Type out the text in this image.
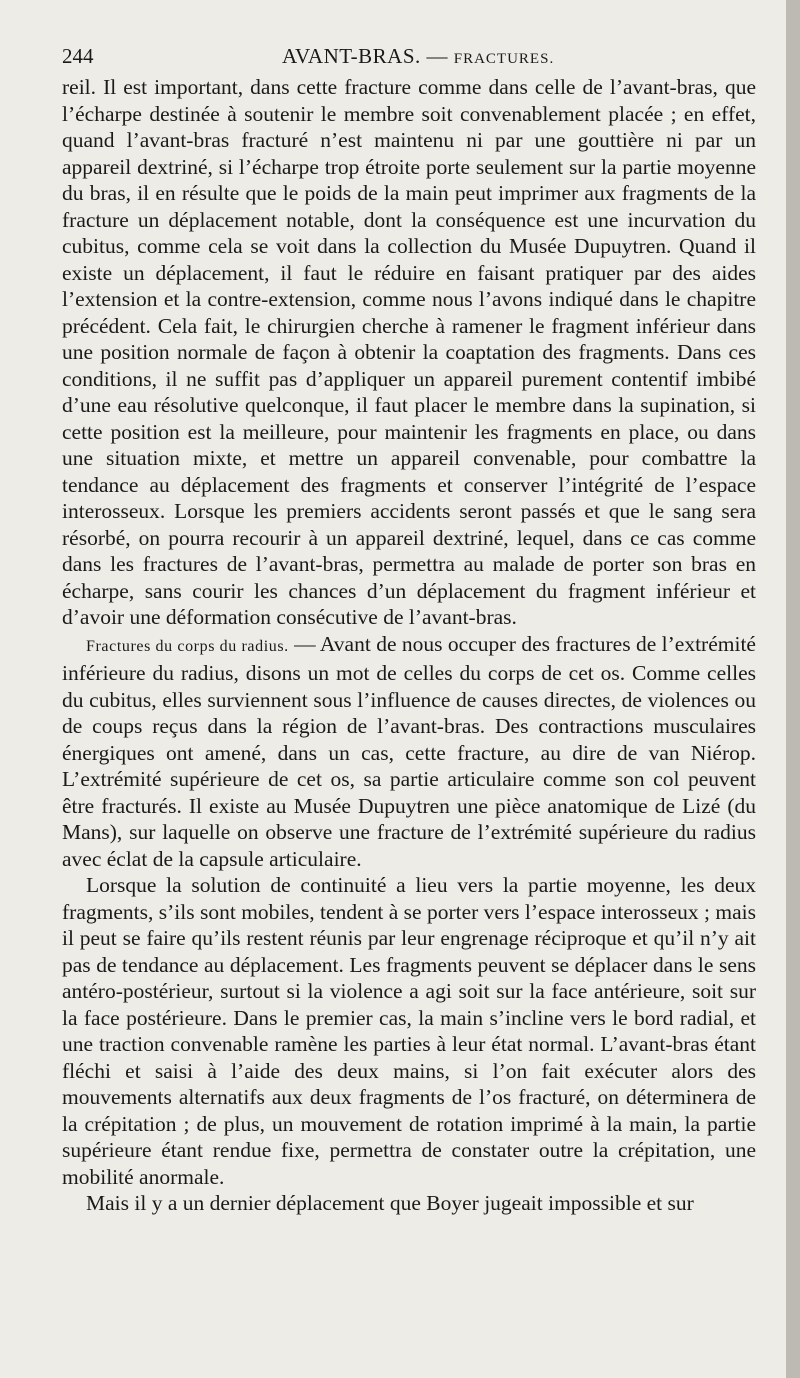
244	AVANT-BRAS. — FRACTURES.

reil. Il est important, dans cette fracture comme dans celle de l’avant-bras, que l’écharpe destinée à soutenir le membre soit convenablement placée ; en effet, quand l’avant-bras fracturé n’est maintenu ni par une gouttière ni par un appareil dextriné, si l’écharpe trop étroite porte seulement sur la partie moyenne du bras, il en résulte que le poids de la main peut imprimer aux fragments de la fracture un déplacement notable, dont la conséquence est une incurvation du cubitus, comme cela se voit dans la collection du Musée Dupuytren. Quand il existe un déplacement, il faut le réduire en faisant pratiquer par des aides l’extension et la contre-extension, comme nous l’avons indiqué dans le chapitre précédent. Cela fait, le chirurgien cherche à ramener le fragment inférieur dans une position normale de façon à obtenir la coaptation des fragments. Dans ces conditions, il ne suffit pas d’appliquer un appareil purement contentif imbibé d’une eau résolutive quelconque, il faut placer le membre dans la supination, si cette position est la meilleure, pour maintenir les fragments en place, ou dans une situation mixte, et mettre un appareil convenable, pour combattre la tendance au déplacement des fragments et conserver l’intégrité de l’espace interosseux. Lorsque les premiers accidents seront passés et que le sang sera résorbé, on pourra recourir à un appareil dextriné, lequel, dans ce cas comme dans les fractures de l’avant-bras, permettra au malade de porter son bras en écharpe, sans courir les chances d’un déplacement du fragment inférieur et d’avoir une déformation consécutive de l’avant-bras.

Fractures du corps du radius. — Avant de nous occuper des fractures de l’extrémité inférieure du radius, disons un mot de celles du corps de cet os. Comme celles du cubitus, elles surviennent sous l’influence de causes directes, de violences ou de coups reçus dans la région de l’avant-bras. Des contractions musculaires énergiques ont amené, dans un cas, cette fracture, au dire de van Niérop. L’extrémité supérieure de cet os, sa partie articulaire comme son col peuvent être fracturés. Il existe au Musée Dupuytren une pièce anatomique de Lizé (du Mans), sur laquelle on observe une fracture de l’extrémité supérieure du radius avec éclat de la capsule articulaire.

Lorsque la solution de continuité a lieu vers la partie moyenne, les deux fragments, s’ils sont mobiles, tendent à se porter vers l’espace interosseux ; mais il peut se faire qu’ils restent réunis par leur engrenage réciproque et qu’il n’y ait pas de tendance au déplacement. Les fragments peuvent se déplacer dans le sens antéro-postérieur, surtout si la violence a agi soit sur la face antérieure, soit sur la face postérieure. Dans le premier cas, la main s’incline vers le bord radial, et une traction convenable ramène les parties à leur état normal. L’avant-bras étant fléchi et saisi à l’aide des deux mains, si l’on fait exécuter alors des mouvements alternatifs aux deux fragments de l’os fracturé, on déterminera de la crépitation ; de plus, un mouvement de rotation imprimé à la main, la partie supérieure étant rendue fixe, permettra de constater outre la crépitation, une mobilité anormale.

Mais il y a un dernier déplacement que Boyer jugeait impossible et sur
